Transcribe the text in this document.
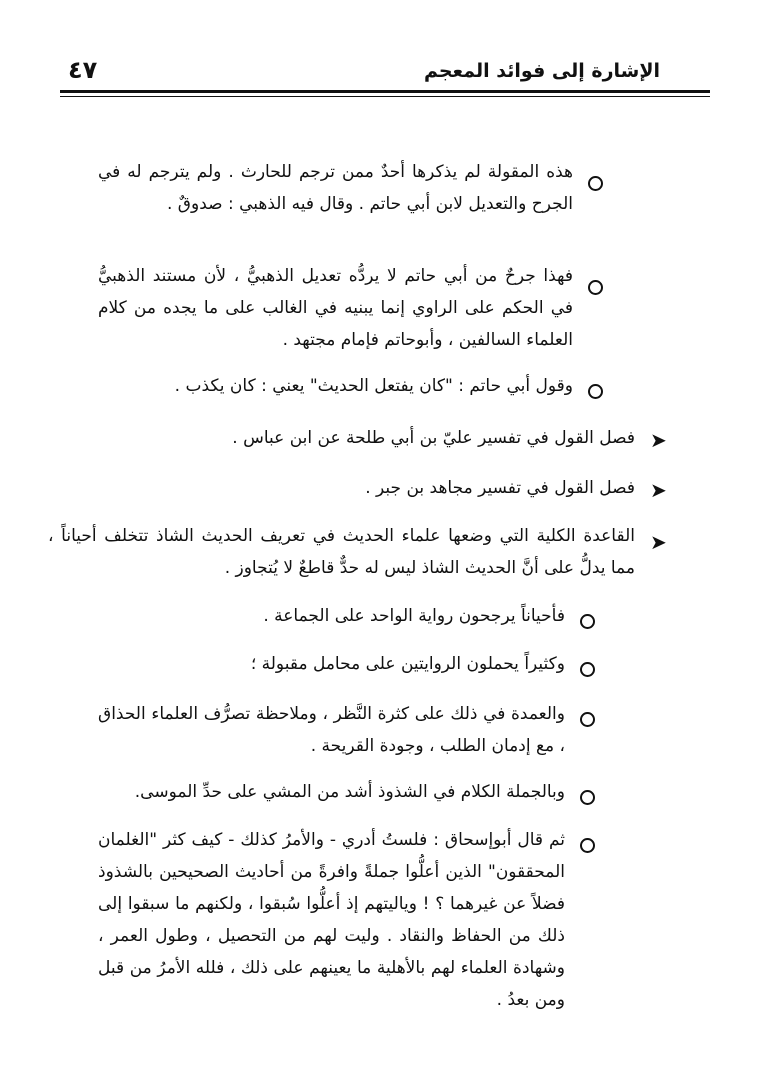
الإشارة إلى فوائد المعجم
٤٧
هذه المقولة لم يذكرها أحدٌ ممن ترجم للحارث . ولم يترجم له في الجرح والتعديل لابن أبي حاتم . وقال فيه الذهبي : صدوقٌ .
فهذا جرحٌ من أبي حاتم لا يردُّه تعديل الذهبيُّ ، لأن مستند الذهبيُّ في الحكم على الراوي إنما يبنيه في الغالب على ما يجده من كلام العلماء السالفين ، وأبوحاتم فإمام مجتهد .
وقول أبي حاتم : "كان يفتعل الحديث" يعني : كان يكذب .
➤
فصل القول في تفسير عليّ بن أبي طلحة عن ابن عباس .
➤
فصل القول في تفسير مجاهد بن جبر .
➤
القاعدة الكلية التي وضعها علماء الحديث في تعريف الحديث الشاذ تتخلف أحياناً ، مما يدلُّ على أنَّ الحديث الشاذ ليس له حدٌّ قاطعٌ لا يُتجاوز .
فأحياناً يرجحون رواية الواحد على الجماعة .
وكثيراً يحملون الروايتين على محامل مقبولة ؛
والعمدة في ذلك على كثرة النَّظر ، وملاحظة تصرُّف العلماء الحذاق ، مع إدمان الطلب ، وجودة القريحة .
وبالجملة الكلام في الشذوذ أشد من المشي على حدِّ الموسى.
ثم قال أبوإسحاق : فلستُ أدري - والأمرُ كذلك - كيف كثر "الغلمان المحققون" الذين أعلُّوا جملةً وافرةً من أحاديث الصحيحين بالشذوذ فضلاً عن غيرهما ؟ ! وياليتهم إذ أعلُّوا سُبقوا ، ولكنهم ما سبقوا إلى ذلك من الحفاظ والنقاد . وليت لهم من التحصيل ، وطول العمر ، وشهادة العلماء لهم بالأهلية ما يعينهم على ذلك ، فلله الأمرُ من قبل ومن بعدُ .
